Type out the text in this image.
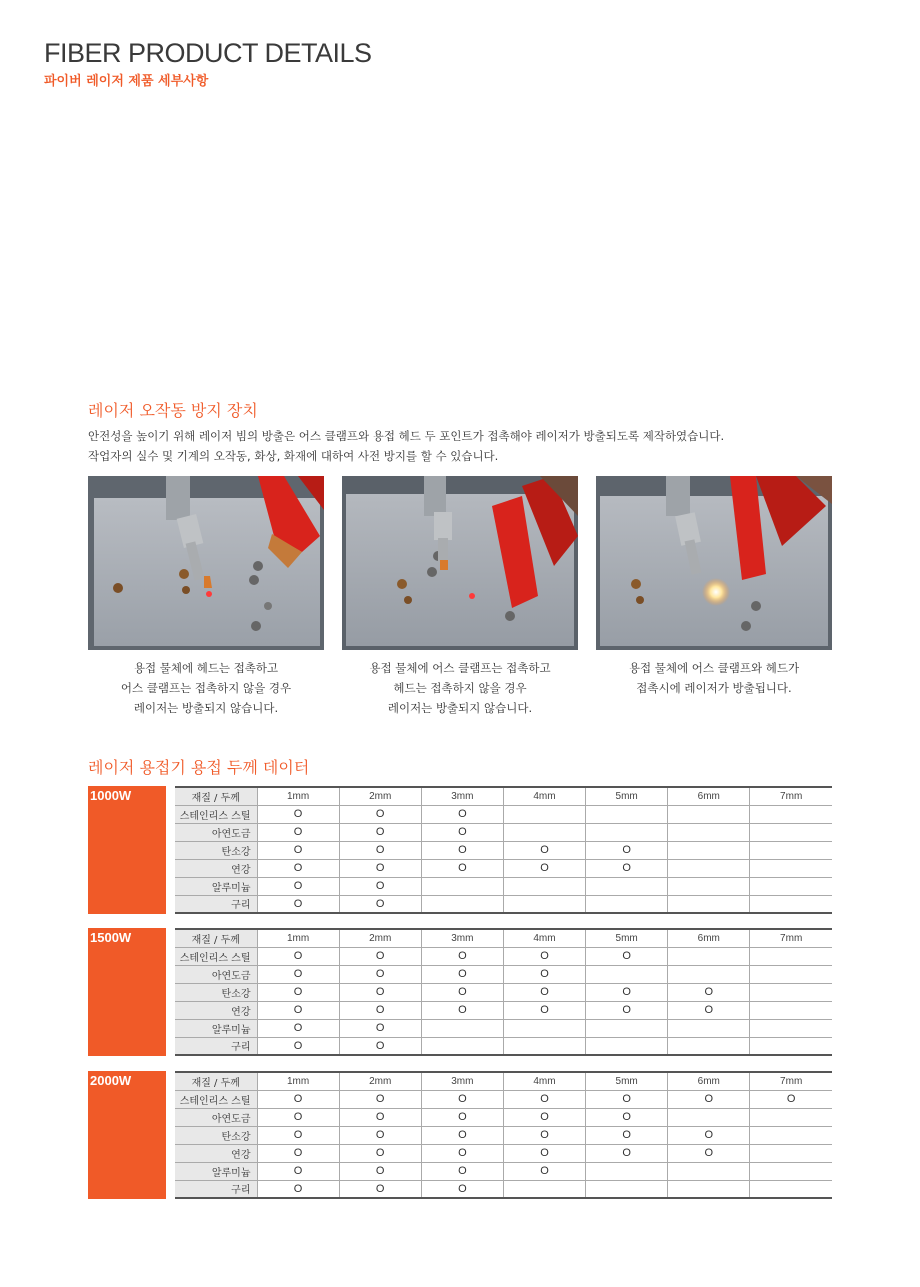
FIBER PRODUCT DETAILS
파이버 레이저 제품 세부사항
레이저 오작동 방지 장치

안전성을 높이기 위해 레이저 빔의 방출은 어스 클램프와 용접 헤드 두 포인트가 접촉해야 레이저가 방출되도록 제작하였습니다.

작업자의 실수 및 기계의 오작동, 화상, 화재에 대하여 사전 방지를 할 수 있습니다.

용접 물체에 헤드는 접촉하고
어스 클램프는 접촉하지 않을 경우
레이저는 방출되지 않습니다.
용접 물체에 어스 클램프는 접촉하고
헤드는 접촉하지 않을 경우
레이저는 방출되지 않습니다.
용접 물체에 어스 클램프와 헤드가
접촉시에 레이저가 방출됩니다.
레이저 용접기 용접 두께 데이터
1000W	재질 / 두께	1mm	2mm	3mm	4mm	5mm	6mm	7mm
스테인리스 스틸	O	O	O				
아연도금	O	O	O				
탄소강	O	O	O	O	O		
연강	O	O	O	O	O		
알루미늄	O	O					
구리	O	O					
1500W	재질 / 두께	1mm	2mm	3mm	4mm	5mm	6mm	7mm
스테인리스 스틸	O	O	O	O	O		
아연도금	O	O	O	O			
탄소강	O	O	O	O	O	O	
연강	O	O	O	O	O	O	
알루미늄	O	O					
구리	O	O					
2000W	재질 / 두께	1mm	2mm	3mm	4mm	5mm	6mm	7mm
스테인리스 스틸	O	O	O	O	O	O	O
아연도금	O	O	O	O	O		
탄소강	O	O	O	O	O	O	
연강	O	O	O	O	O	O	
알루미늄	O	O	O	O			
구리	O	O	O				
